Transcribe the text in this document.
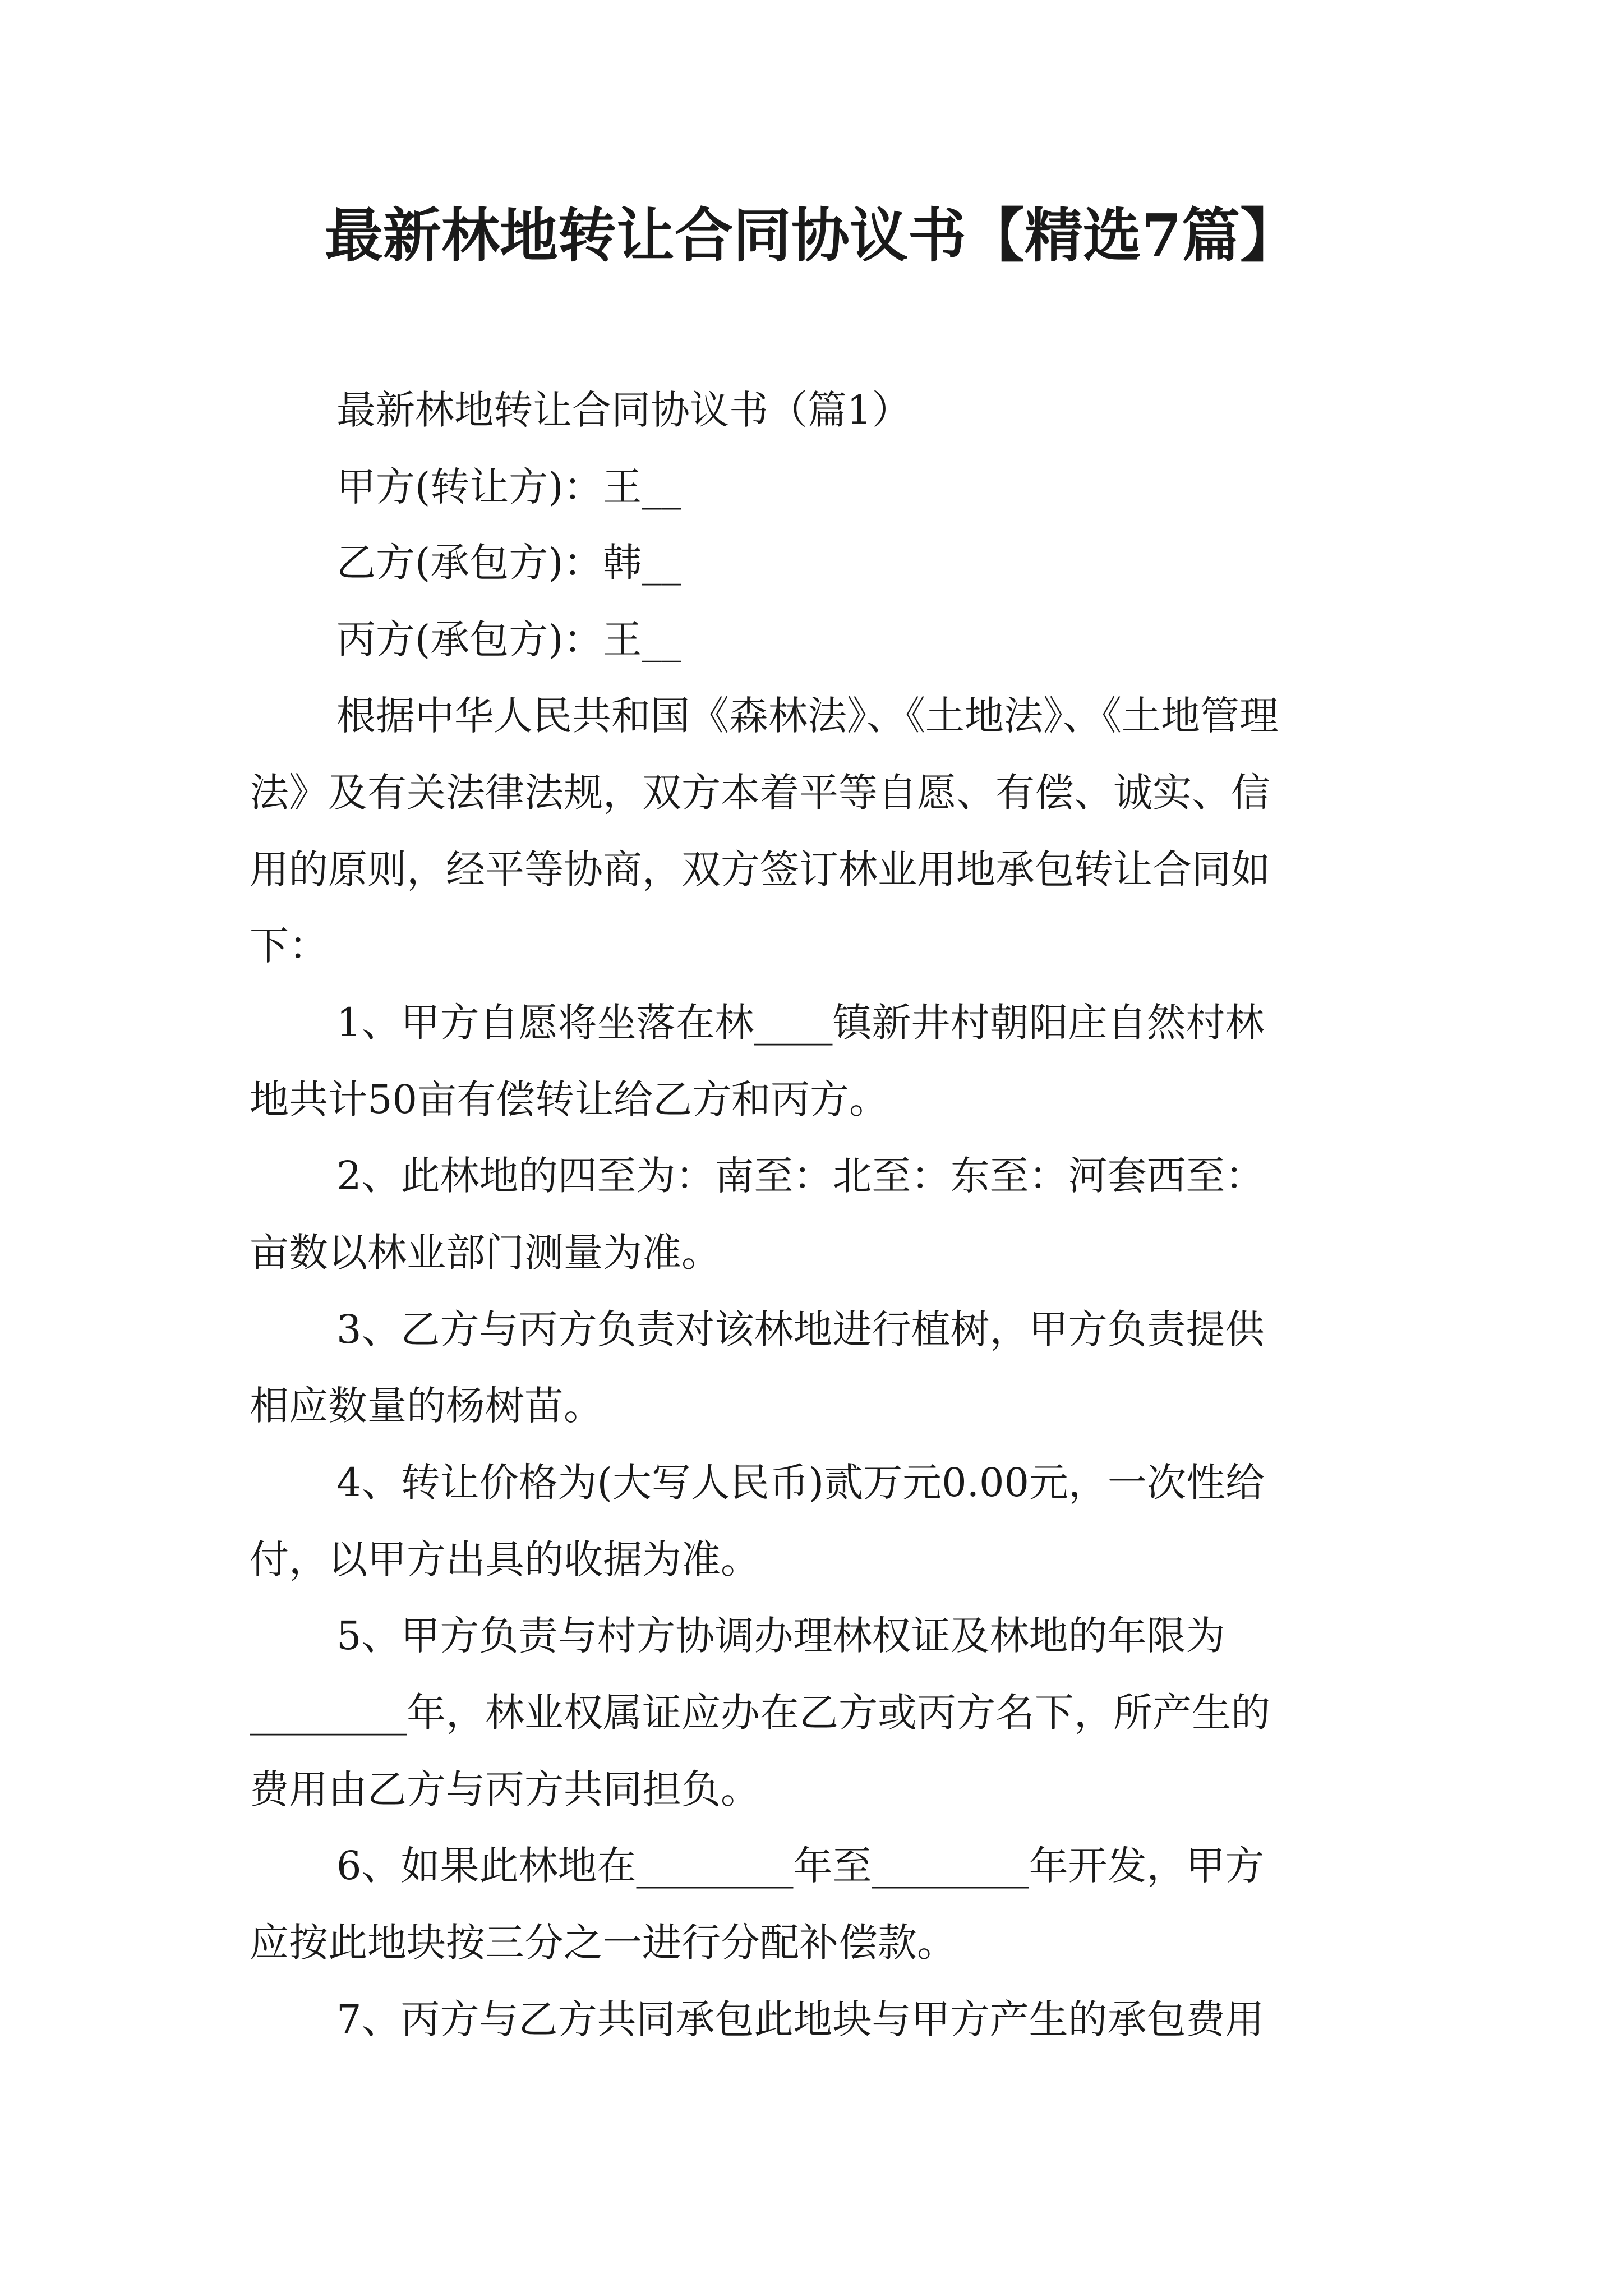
最新林地转让合同协议书【精选7篇】
最新林地转让合同协议书（篇1）
甲方(转让方)：王__
乙方(承包方)：韩__
丙方(承包方)：王__
根据中华人民共和国《森林法》、《土地法》、《土地管理
法》及有关法律法规，双方本着平等自愿、有偿、诚实、信
用的原则，经平等协商，双方签订林业用地承包转让合同如
下：
1、甲方自愿将坐落在林____镇新井村朝阳庄自然村林
地共计50亩有偿转让给乙方和丙方。
2、此林地的四至为：南至：北至：东至：河套西至：
亩数以林业部门测量为准。
3、乙方与丙方负责对该林地进行植树，甲方负责提供
相应数量的杨树苗。
4、转让价格为(大写人民币)贰万元0.00元，一次性给
付，以甲方出具的收据为准。
5、甲方负责与村方协调办理林权证及林地的年限为
________年，林业权属证应办在乙方或丙方名下，所产生的
费用由乙方与丙方共同担负。
6、如果此林地在________年至________年开发，甲方
应按此地块按三分之一进行分配补偿款。
7、丙方与乙方共同承包此地块与甲方产生的承包费用
